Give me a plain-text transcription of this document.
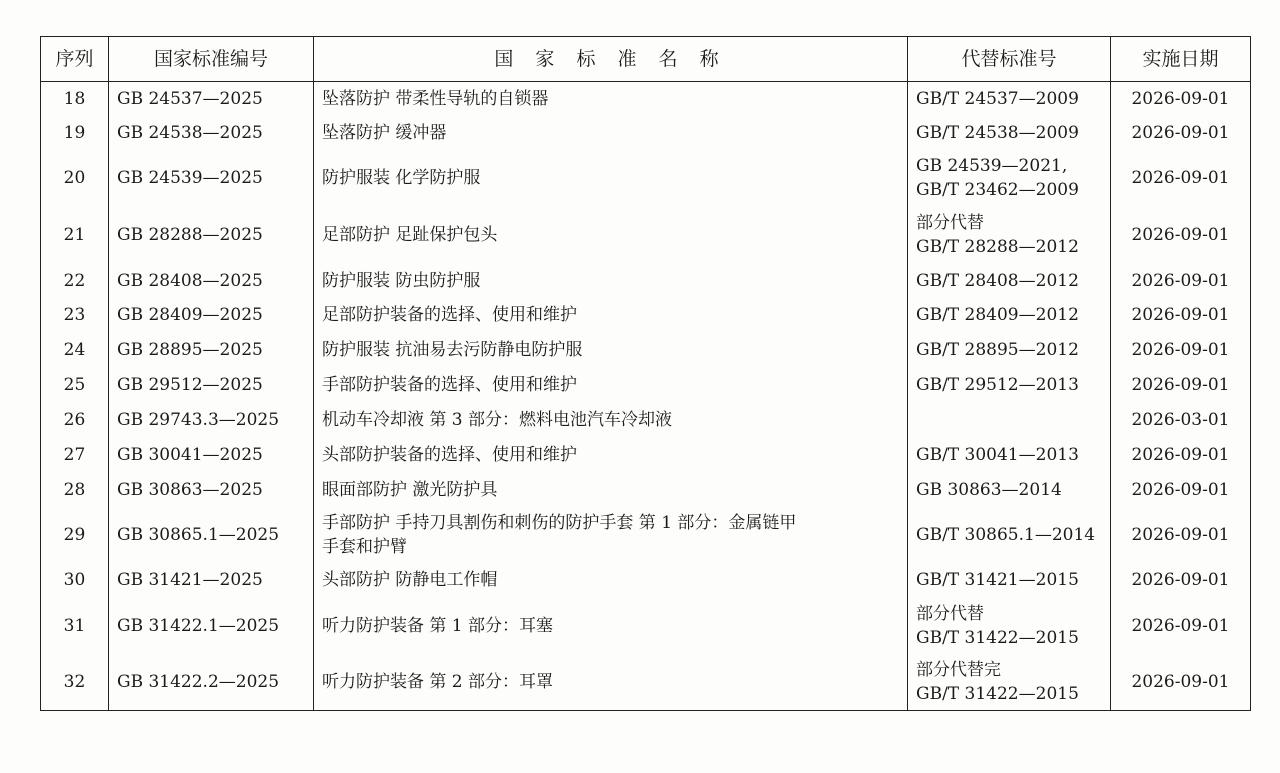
序列	国家标准编号	国 家 标 准 名 称	代替标准号	实施日期
18	GB 24537—2025	坠落防护 带柔性导轨的自锁器	GB/T 24537—2009	2026-09-01
19	GB 24538—2025	坠落防护 缓冲器	GB/T 24538—2009	2026-09-01
20	GB 24539—2025	防护服装 化学防护服	GB 24539—2021,
GB/T 23462—2009	2026-09-01
21	GB 28288—2025	足部防护 足趾保护包头	部分代替
GB/T 28288—2012	2026-09-01
22	GB 28408—2025	防护服装 防虫防护服	GB/T 28408—2012	2026-09-01
23	GB 28409—2025	足部防护装备的选择、使用和维护	GB/T 28409—2012	2026-09-01
24	GB 28895—2025	防护服装 抗油易去污防静电防护服	GB/T 28895—2012	2026-09-01
25	GB 29512—2025	手部防护装备的选择、使用和维护	GB/T 29512—2013	2026-09-01
26	GB 29743.3—2025	机动车冷却液 第 3 部分：燃料电池汽车冷却液		2026-03-01
27	GB 30041—2025	头部防护装备的选择、使用和维护	GB/T 30041—2013	2026-09-01
28	GB 30863—2025	眼面部防护 激光防护具	GB 30863—2014	2026-09-01
29	GB 30865.1—2025	手部防护 手持刀具割伤和刺伤的防护手套 第 1 部分：金属链甲
手套和护臂	GB/T 30865.1—2014	2026-09-01
30	GB 31421—2025	头部防护 防静电工作帽	GB/T 31421—2015	2026-09-01
31	GB 31422.1—2025	听力防护装备 第 1 部分：耳塞	部分代替
GB/T 31422—2015	2026-09-01
32	GB 31422.2—2025	听力防护装备 第 2 部分：耳罩	部分代替完
GB/T 31422—2015	2026-09-01
